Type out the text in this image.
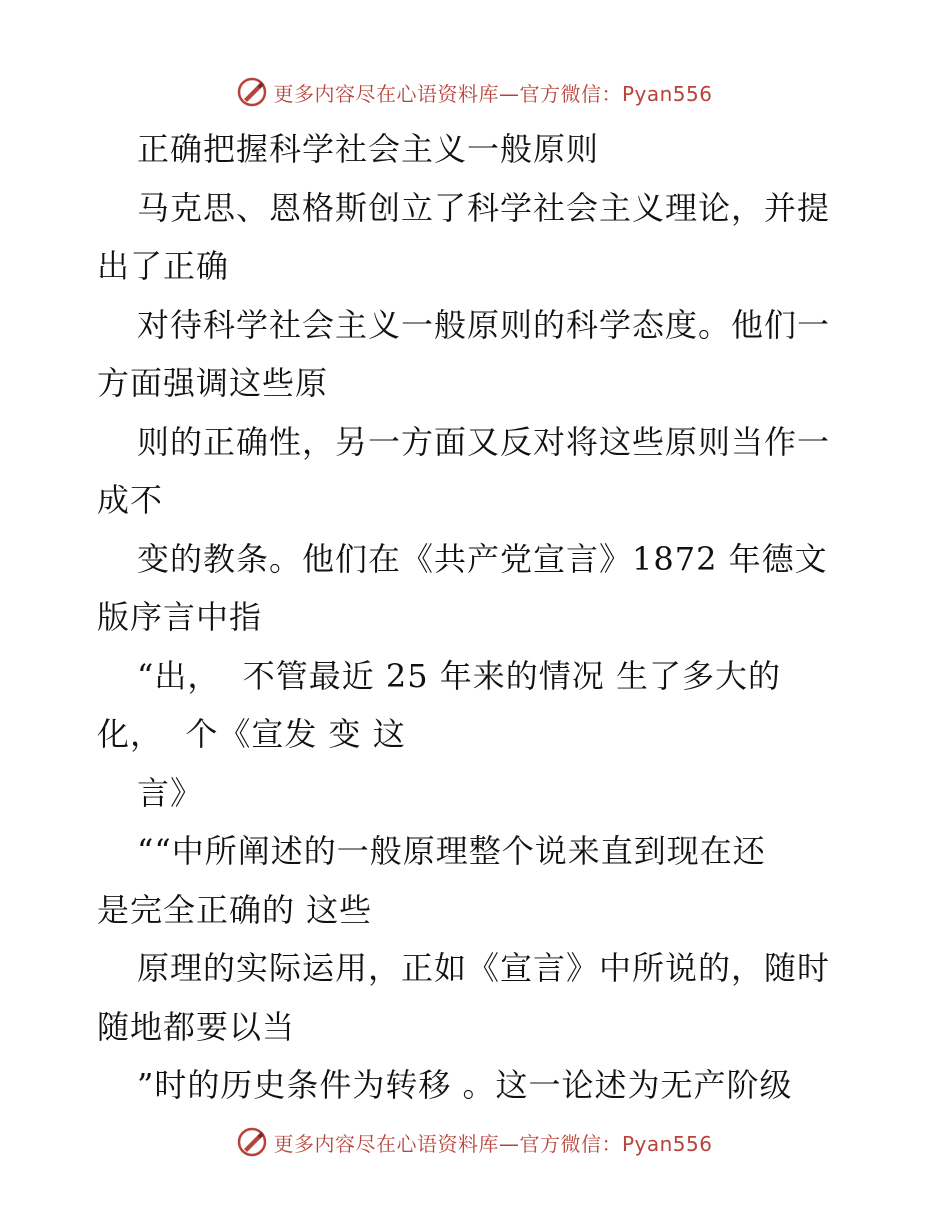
更多内容尽在心语资料库—官方微信：Pyan556
正确把握科学社会主义一般原则
马克思、恩格斯创立了科学社会主义理论，并提
出了正确
对待科学社会主义一般原则的科学态度。他们一
方面强调这些原
则的正确性，另一方面又反对将这些原则当作一
成不
变的教条。他们在《共产党宣言》1872 年德文
版序言中指
“出，  不管最近 25 年来的情况 生了多大的
化，  个《宣发 变 这
言》
““中所阐述的一般原理整个说来直到现在还
是完全正确的 这些
原理的实际运用，正如《宣言》中所说的，随时
随地都要以当
”时的历史条件为转移 。这一论述为无产阶级
更多内容尽在心语资料库—官方微信：Pyan556
